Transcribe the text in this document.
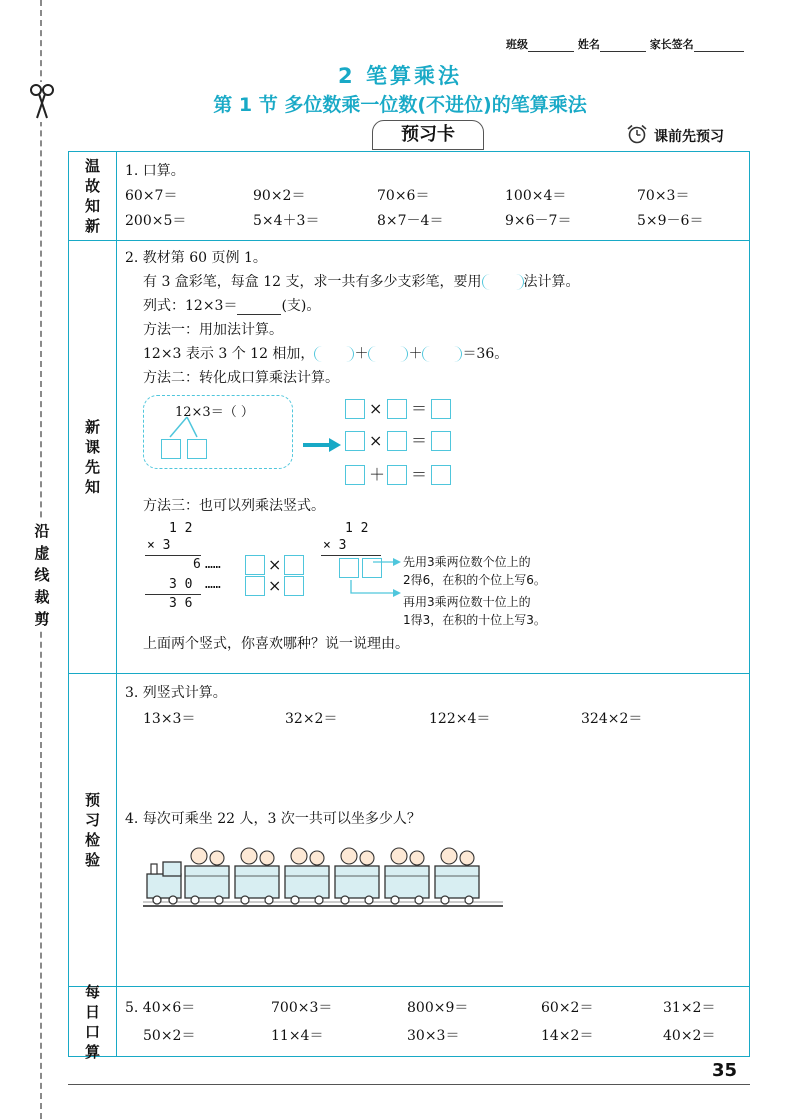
沿虚线裁剪
班级	姓名	家长签名
2 笔算乘法
第 1 节 多位数乘一位数(不进位)的笔算乘法
预习卡	课前先预习
温故知新
1. 口算。
60×7＝	90×2＝	70×6＝	100×4＝	70×3＝
200×5＝	5×4＋3＝	8×7－4＝	9×6－7＝	5×9－6＝
新课先知
2. 教材第 60 页例 1。
有 3 盒彩笔，每盒 12 支，求一共有多少支彩笔，要用	法计算。
列式：12×3＝	(支)。
方法一：用加法计算。
12×3 表示 3 个 12 相加，	＋	＋	＝36。
方法二：转化成口算乘法计算。
12×3＝（ ）	× ＝
× ＝
＋ ＝
方法三：也可以列乘法竖式。
1 2
× 3
6 ……	×
3 0 ……	×
3 6
1 2
× 3
先用3乘两位数个位上的
2得6，在积的个位上写6。
再用3乘两位数十位上的
1得3，在积的十位上写3。
上面两个竖式，你喜欢哪种？说一说理由。
预习检验
3. 列竖式计算。
13×3＝	32×2＝	122×4＝	324×2＝
4. 每次可乘坐 22 人，3 次一共可以坐多少人？
每日口算
5. 40×6＝	700×3＝	800×9＝	60×2＝	31×2＝
50×2＝	11×4＝	30×3＝	14×2＝	40×2＝
35
